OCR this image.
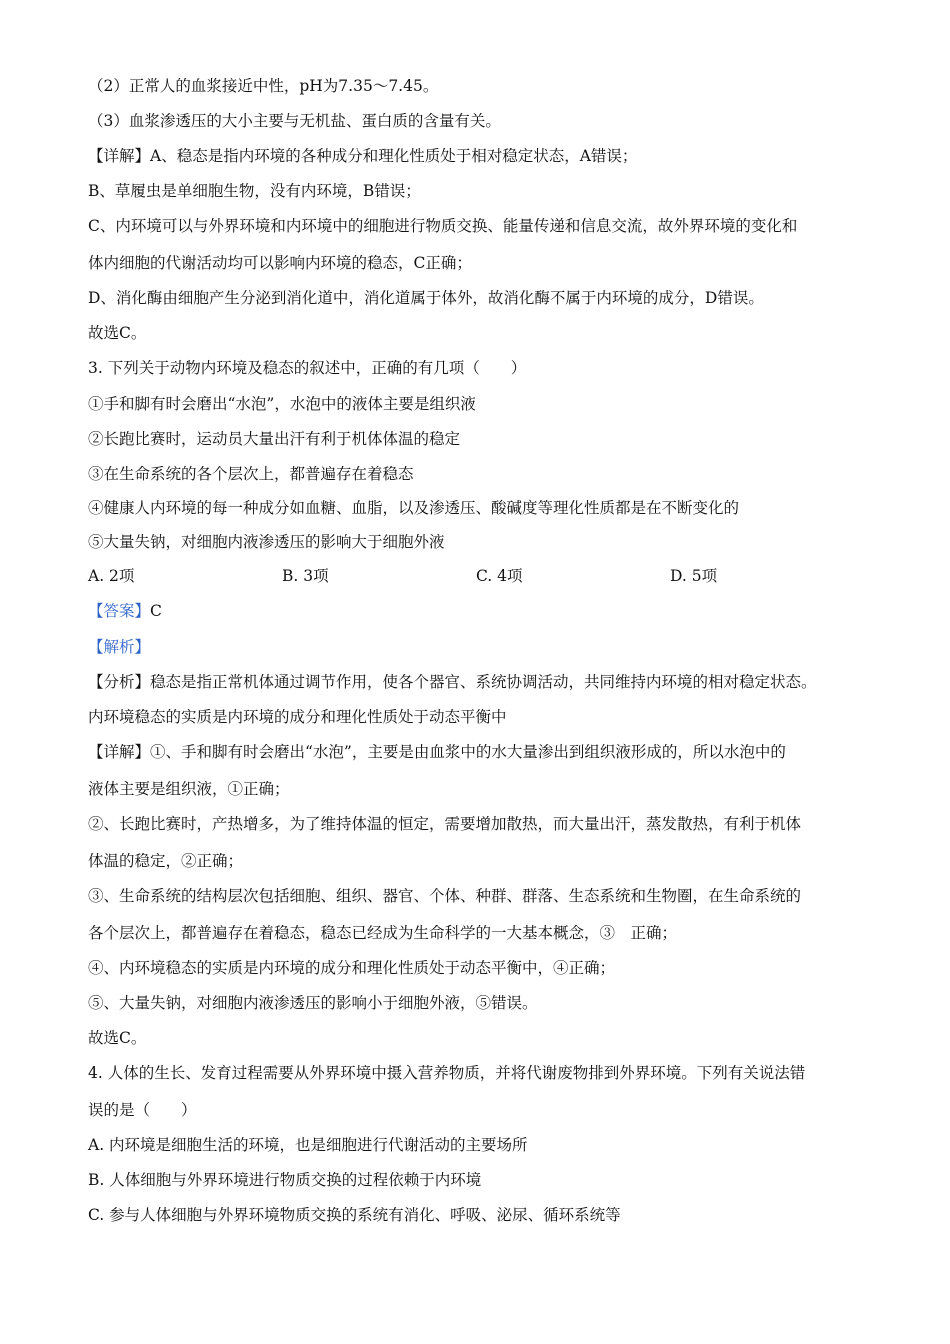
（2）正常人的血浆接近中性，pH为7.35～7.45。
（3）血浆渗透压的大小主要与无机盐、蛋白质的含量有关。
【详解】A、稳态是指内环境的各种成分和理化性质处于相对稳定状态，A错误；
B、草履虫是单细胞生物，没有内环境，B错误；
C、内环境可以与外界环境和内环境中的细胞进行物质交换、能量传递和信息交流，故外界环境的变化和
体内细胞的代谢活动均可以影响内环境的稳态，C正确；
D、消化酶由细胞产生分泌到消化道中，消化道属于体外，故消化酶不属于内环境的成分，D错误。
故选C。
3. 下列关于动物内环境及稳态的叙述中，正确的有几项（　　）
①手和脚有时会磨出“水泡”，水泡中的液体主要是组织液
②长跑比赛时，运动员大量出汗有利于机体体温的稳定
③在生命系统的各个层次上，都普遍存在着稳态
④健康人内环境的每一种成分如血糖、血脂，以及渗透压、酸碱度等理化性质都是在不断变化的
⑤大量失钠，对细胞内液渗透压的影响大于细胞外液
A. 2项	B. 3项	C. 4项	D. 5项
【答案】C
【解析】
【分析】稳态是指正常机体通过调节作用，使各个器官、系统协调活动，共同维持内环境的相对稳定状态。
内环境稳态的实质是内环境的成分和理化性质处于动态平衡中
【详解】①、手和脚有时会磨出“水泡”，主要是由血浆中的水大量渗出到组织液形成的，所以水泡中的
液体主要是组织液，①正确；
②、长跑比赛时，产热增多，为了维持体温的恒定，需要增加散热，而大量出汗，蒸发散热，有利于机体
体温的稳定，②正确；
③、生命系统的结构层次包括细胞、组织、器官、个体、种群、群落、生态系统和生物圈，在生命系统的
各个层次上，都普遍存在着稳态，稳态已经成为生命科学的一大基本概念，③　正确；
④、内环境稳态的实质是内环境的成分和理化性质处于动态平衡中，④正确；
⑤、大量失钠，对细胞内液渗透压的影响小于细胞外液，⑤错误。
故选C。
4. 人体的生长、发育过程需要从外界环境中摄入营养物质，并将代谢废物排到外界环境。下列有关说法错
误的是（　　）
A. 内环境是细胞生活的环境，也是细胞进行代谢活动的主要场所
B. 人体细胞与外界环境进行物质交换的过程依赖于内环境
C. 参与人体细胞与外界环境物质交换的系统有消化、呼吸、泌尿、循环系统等
